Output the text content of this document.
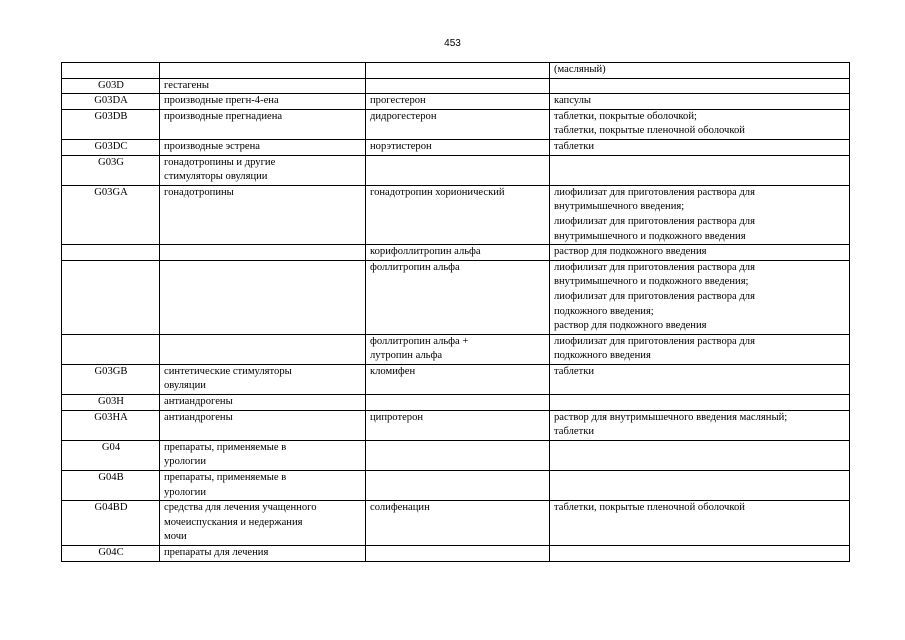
453

			(масляный)

G03D	гестагены		

G03DA	производные прегн-4-ена	прогестерон	капсулы

G03DB	производные прегнадиена	дидрогестерон	таблетки, покрытые оболочкой;
таблетки, покрытые пленочной оболочкой

G03DC	производные эстрена	норэтистерон	таблетки

G03G	гонадотропины и другие
стимуляторы овуляции		

G03GA	гонадотропины	гонадотропин хорионический	лиофилизат для приготовления раствора для
внутримышечного введения;
лиофилизат для приготовления раствора для
внутримышечного и подкожного введения

		корифоллитропин альфа	раствор для подкожного введения

		фоллитропин альфа	лиофилизат для приготовления раствора для
внутримышечного и подкожного введения;
лиофилизат для приготовления раствора для
подкожного введения;
раствор для подкожного введения

		фоллитропин альфа +
лутропин альфа	лиофилизат для приготовления раствора для
подкожного введения

G03GB	синтетические стимуляторы
овуляции	кломифен	таблетки

G03H	антиандрогены		

G03HA	антиандрогены	ципротерон	раствор для внутримышечного введения масляный;
таблетки

G04	препараты, применяемые в
урологии		

G04B	препараты, применяемые в
урологии		

G04BD	средства для лечения учащенного
мочеиспускания и недержания
мочи	солифенацин	таблетки, покрытые пленочной оболочкой

G04C	препараты для лечения		
